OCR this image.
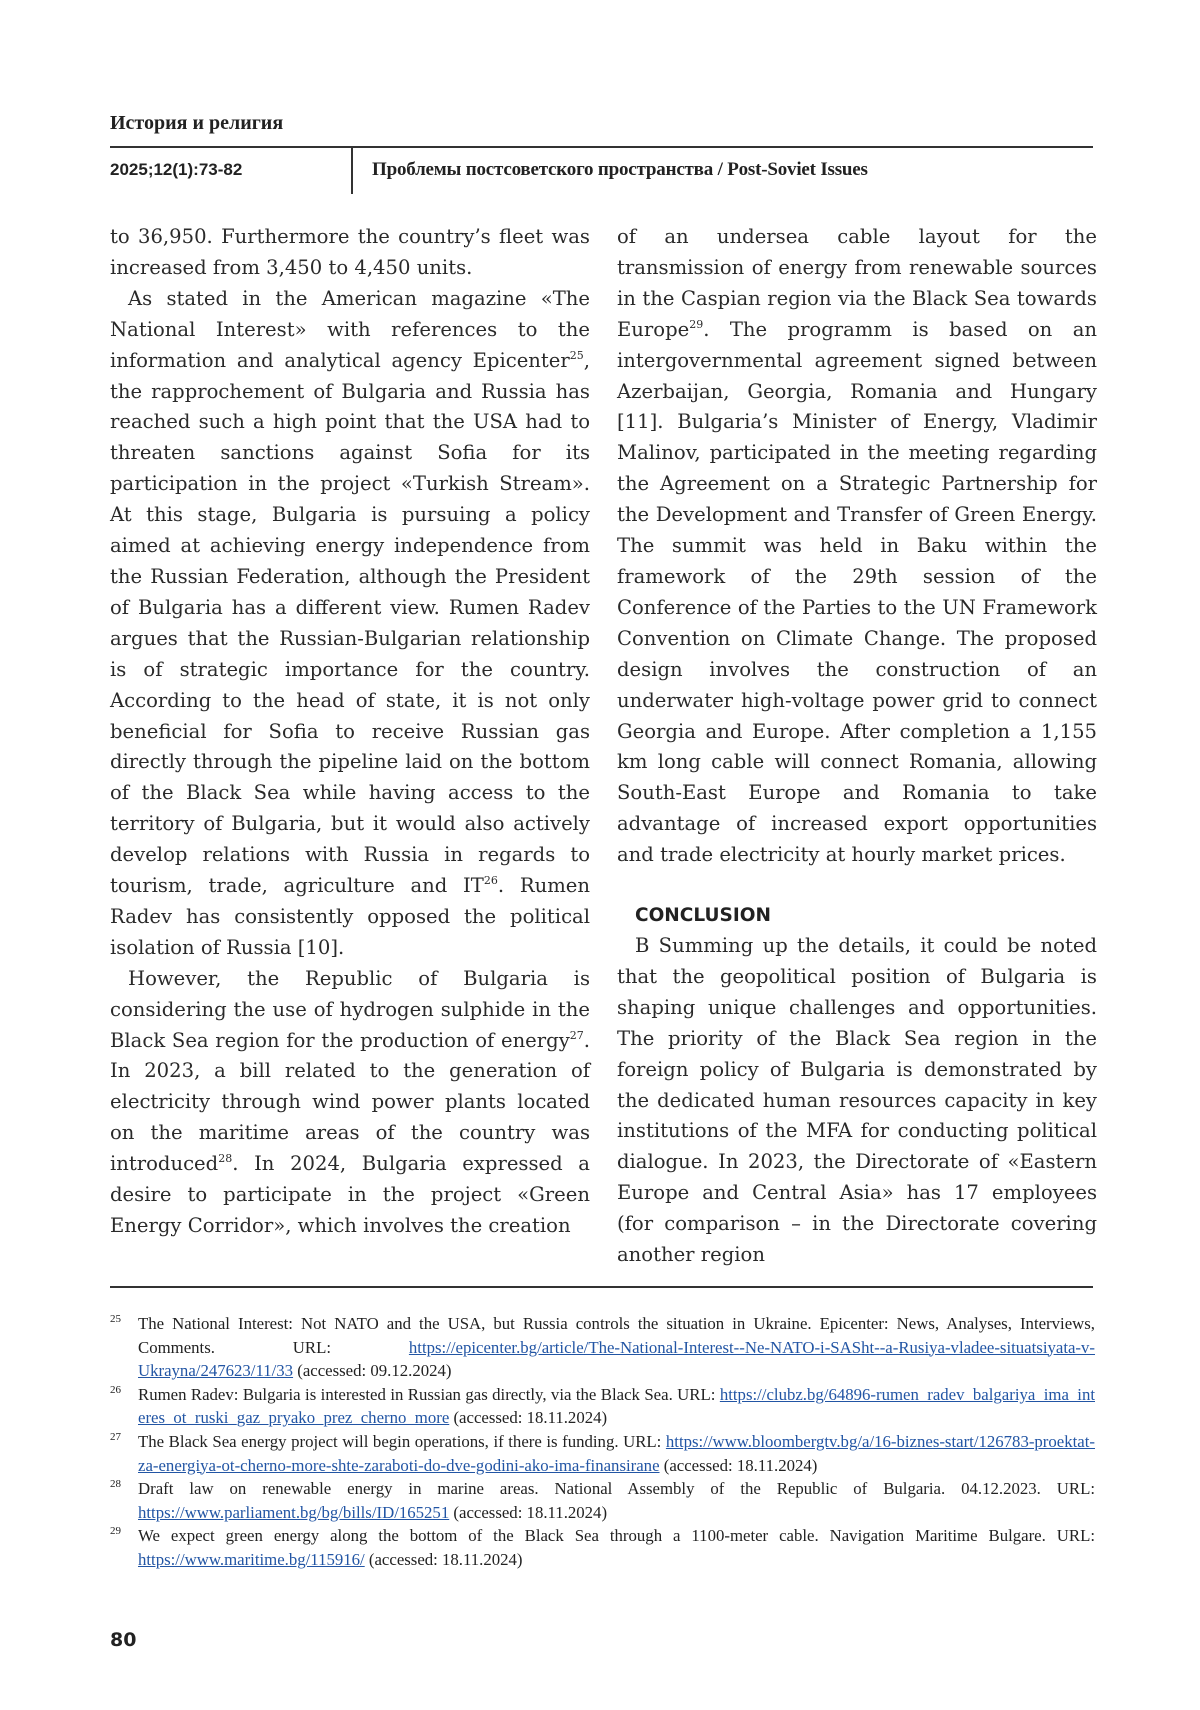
История и религия
2025;12(1):73-82	Проблемы постсоветского пространства / Post-Soviet Issues

to 36,950. Furthermore the country’s fleet was increased from 3,450 to 4,450 units.

As stated in the American magazine «The National Interest» with references to the information and analytical agency Epicenter$^{25}$, the rapprochement of Bulgaria and Russia has reached such a high point that the USA had to threaten sanctions against Sofia for its participation in the project «Turkish Stream». At this stage, Bulgaria is pursuing a policy aimed at achieving energy independence from the Russian Federation, although the President of Bulgaria has a different view. Rumen Radev argues that the Russian-Bulgarian relationship is of strategic importance for the country. According to the head of state, it is not only beneficial for Sofia to receive Russian gas directly through the pipeline laid on the bottom of the Black Sea while having access to the territory of Bulgaria, but it would also actively develop relations with Russia in regards to tourism, trade, agriculture and IT$^{26}$. Rumen Radev has consistently opposed the political isolation of Russia [10].

However, the Republic of Bulgaria is considering the use of hydrogen sulphide in the Black Sea region for the production of energy$^{27}$. In 2023, a bill related to the generation of electricity through wind power plants located on the maritime areas of the country was introduced$^{28}$. In 2024, Bulgaria expressed a desire to participate in the project «Green Energy Corridor», which involves the creation

of an undersea cable layout for the transmission of energy from renewable sources in the Caspian region via the Black Sea towards Europe$^{29}$. The programm is based on an intergovernmental agreement signed between Azerbaijan, Georgia, Romania and Hungary [11]. Bulgaria’s Minister of Energy, Vladimir Malinov, participated in the meeting regarding the Agreement on a Strategic Partnership for the Development and Transfer of Green Energy. The summit was held in Baku within the framework of the 29th session of the Conference of the Parties to the UN Framework Convention on Climate Change. The proposed design involves the construction of an underwater high-voltage power grid to connect Georgia and Europe. After completion a 1,155 km long cable will connect Romania, allowing South-East Europe and Romania to take advantage of increased export opportunities and trade electricity at hourly market prices.

CONCLUSION

B Summing up the details, it could be noted that the geopolitical position of Bulgaria is shaping unique challenges and opportunities. The priority of the Black Sea region in the foreign policy of Bulgaria is demonstrated by the dedicated human resources capacity in key institutions of the MFA for conducting political dialogue. In 2023, the Directorate of «Eastern Europe and Central Asia» has 17 employees (for comparison – in the Directorate covering another region

25 The National Interest: Not NATO and the USA, but Russia controls the situation in Ukraine. Epicenter: News, Analyses, Interviews, Comments. URL: https://epicenter.bg/article/The-National-Interest--Ne-NATO-i-SASht--a-Rusiya-vladee-situatsiyata-v-Ukrayna/247623/11/33 (accessed: 09.12.2024)
26 Rumen Radev: Bulgaria is interested in Russian gas directly, via the Black Sea. URL: https://clubz.bg/64896-rumen_radev_balgariya_ima_interes_ot_ruski_gaz_pryako_prez_cherno_more (accessed: 18.11.2024)
27 The Black Sea energy project will begin operations, if there is funding. URL: https://www.bloombergtv.bg/a/16-biznes-start/126783-proektat-za-energiya-ot-cherno-more-shte-zaraboti-do-dve-godini-ako-ima-finansirane (accessed: 18.11.2024)
28 Draft law on renewable energy in marine areas. National Assembly of the Republic of Bulgaria. 04.12.2023. URL: https://www.parliament.bg/bg/bills/ID/165251 (accessed: 18.11.2024)
29 We expect green energy along the bottom of the Black Sea through a 1100-meter cable. Navigation Maritime Bulgare. URL: https://www.maritime.bg/115916/ (accessed: 18.11.2024)
80
